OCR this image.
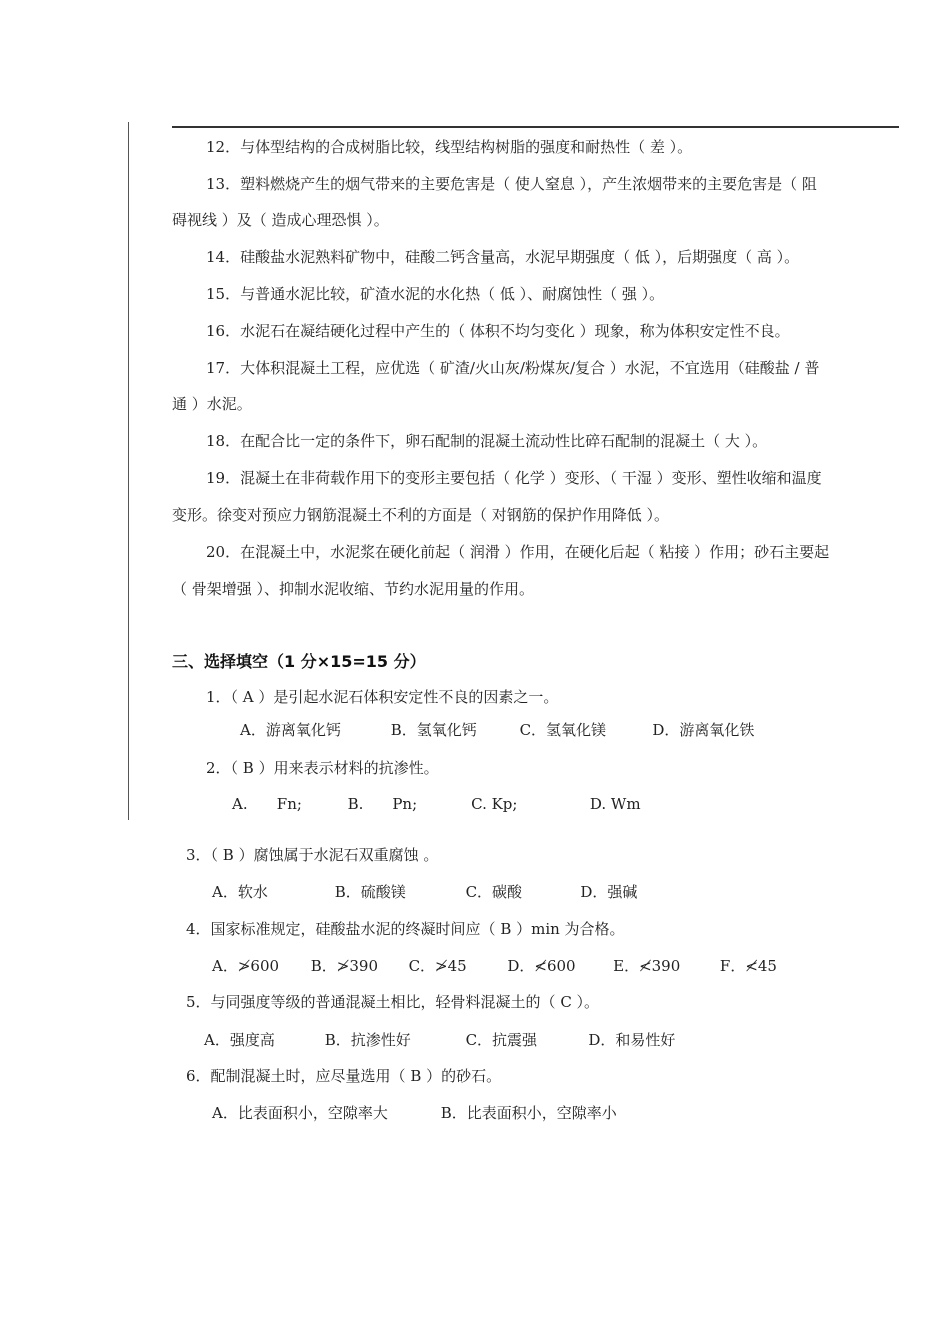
12．与体型结构的合成树脂比较，线型结构树脂的强度和耐热性（ 差 ）。
13．塑料燃烧产生的烟气带来的主要危害是（ 使人窒息 ），产生浓烟带来的主要危害是（ 阻
碍视线 ）及（ 造成心理恐惧 ）。
14．硅酸盐水泥熟料矿物中，硅酸二钙含量高，水泥早期强度（ 低 ），后期强度（ 高 ）。
15．与普通水泥比较，矿渣水泥的水化热（ 低 ）、耐腐蚀性（ 强 ）。
16．水泥石在凝结硬化过程中产生的（ 体积不均匀变化 ）现象，称为体积安定性不良。
17．大体积混凝土工程，应优选（ 矿渣/火山灰/粉煤灰/复合 ）水泥，不宜选用（硅酸盐 / 普
通 ）水泥。
18．在配合比一定的条件下，卵石配制的混凝土流动性比碎石配制的混凝土（ 大 ）。
19．混凝土在非荷载作用下的变形主要包括（ 化学 ）变形、（ 干湿 ）变形、塑性收缩和温度
变形。徐变对预应力钢筋混凝土不利的方面是（ 对钢筋的保护作用降低 ）。
20．在混凝土中，水泥浆在硬化前起（ 润滑 ）作用，在硬化后起（ 粘接 ）作用；砂石主要起
（ 骨架增强 ）、抑制水泥收缩、节约水泥用量的作用。
三、选择填空（1 分×15=15 分）
1．（ A ）是引起水泥石体积安定性不良的因素之一。
A．游离氧化钙	B．氢氧化钙	C．氢氧化镁	D．游离氧化铁
2．（ B ）用来表示材料的抗渗性。
A. Fn;	B. Pn;	C. Kp;	D. Wm
3．（ B ）腐蚀属于水泥石双重腐蚀 。
A．软水	B．硫酸镁	C．碳酸	D．强碱
4．国家标准规定，硅酸盐水泥的终凝时间应（ B ）min 为合格。
A．≯600 B．≯390 C．≯45	D．≮600	E．≮390	F．≮45
5．与同强度等级的普通混凝土相比，轻骨料混凝土的（ C ）。
A．强度高	B．抗渗性好	C．抗震强	D．和易性好
6．配制混凝土时，应尽量选用（ B ）的砂石。
A．比表面积小，空隙率大	B．比表面积小，空隙率小
